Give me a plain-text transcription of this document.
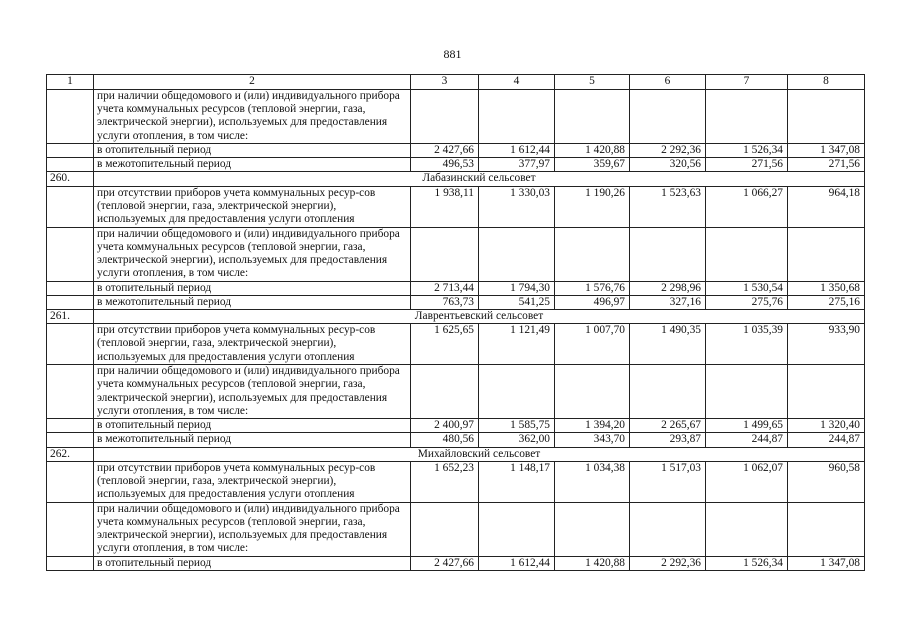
881
1	2	3	4	5	6	7	8
	при наличии общедомового и (или) индивидуального прибора учета коммунальных ресурсов (тепловой энергии, газа, электрической энергии), используемых для предоставления услуги отопления, в том числе:						
	в отопительный период	2 427,66	1 612,44	1 420,88	2 292,36	1 526,34	1 347,08
	в межотопительный период	496,53	377,97	359,67	320,56	271,56	271,56
260.	Лабазинский сельсовет						
	при отсутствии приборов учета коммунальных ресур-сов (тепловой энергии, газа, электрической энергии), используемых для предоставления услуги отопления	1 938,11	1 330,03	1 190,26	1 523,63	1 066,27	964,18
	при наличии общедомового и (или) индивидуального прибора учета коммунальных ресурсов (тепловой энергии, газа, электрической энергии), используемых для предоставления услуги отопления, в том числе:						
	в отопительный период	2 713,44	1 794,30	1 576,76	2 298,96	1 530,54	1 350,68
	в межотопительный период	763,73	541,25	496,97	327,16	275,76	275,16
261.	Лаврентьевский сельсовет						
	при отсутствии приборов учета коммунальных ресур-сов (тепловой энергии, газа, электрической энергии), используемых для предоставления услуги отопления	1 625,65	1 121,49	1 007,70	1 490,35	1 035,39	933,90
	при наличии общедомового и (или) индивидуального прибора учета коммунальных ресурсов (тепловой энергии, газа, электрической энергии), используемых для предоставления услуги отопления, в том числе:						
	в отопительный период	2 400,97	1 585,75	1 394,20	2 265,67	1 499,65	1 320,40
	в межотопительный период	480,56	362,00	343,70	293,87	244,87	244,87
262.	Михайловский сельсовет						
	при отсутствии приборов учета коммунальных ресур-сов (тепловой энергии, газа, электрической энергии), используемых для предоставления услуги отопления	1 652,23	1 148,17	1 034,38	1 517,03	1 062,07	960,58
	при наличии общедомового и (или) индивидуального прибора учета коммунальных ресурсов (тепловой энергии, газа, электрической энергии), используемых для предоставления услуги отопления, в том числе:						
	в отопительный период	2 427,66	1 612,44	1 420,88	2 292,36	1 526,34	1 347,08
